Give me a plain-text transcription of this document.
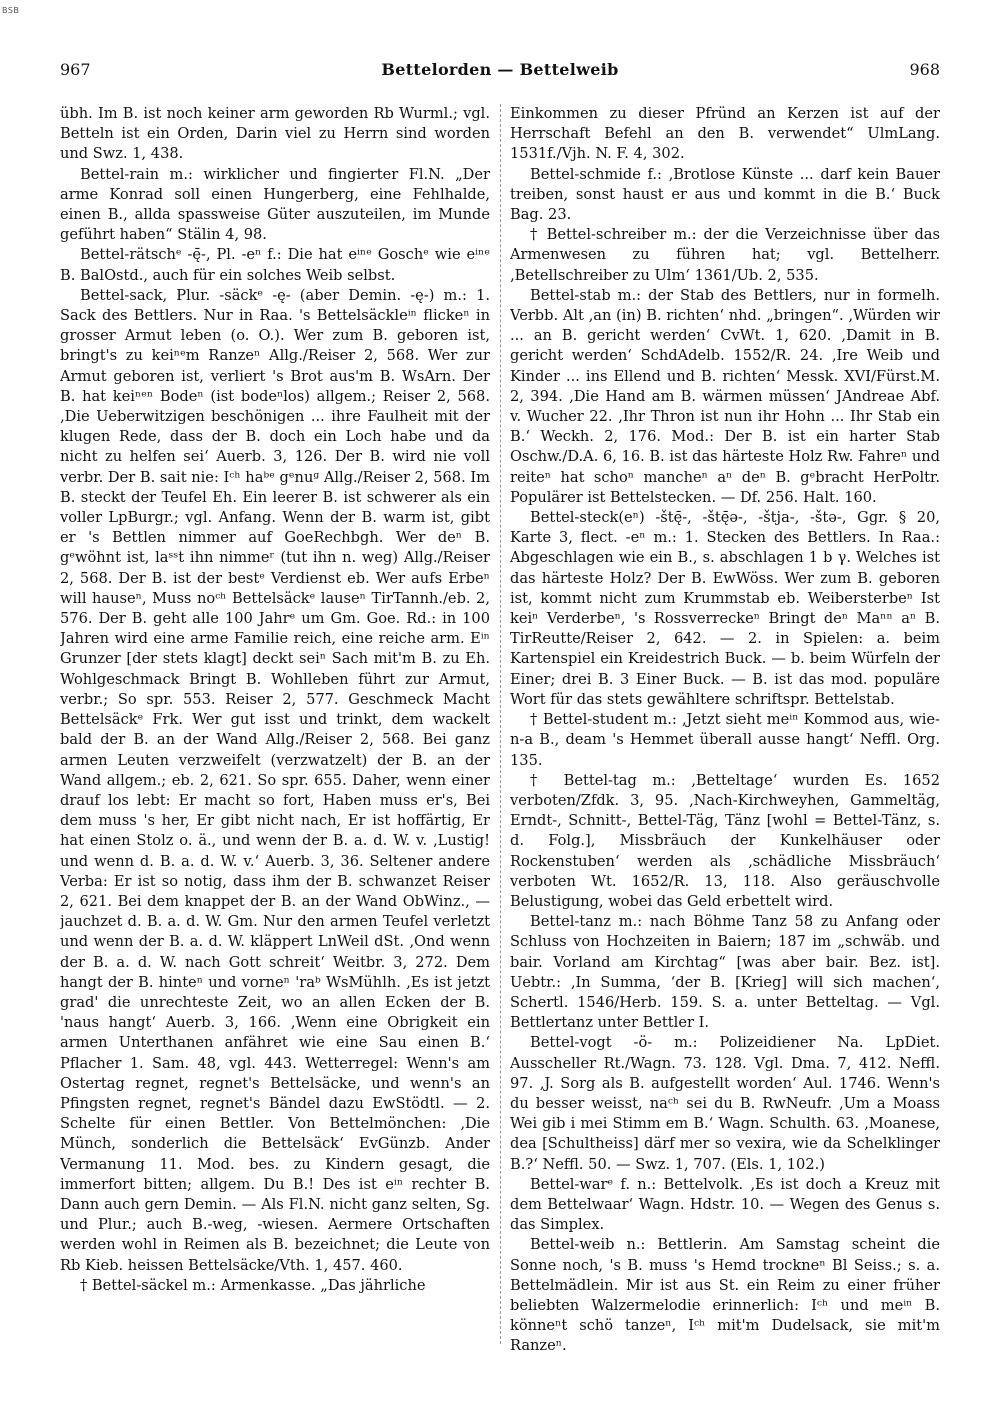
BSB
967	Bettelorden — Bettelweib	968

übh. Im B. ist noch keiner arm geworden Rb Wurml.; vgl. Betteln ist ein Orden, Darin viel zu Herrn sind worden und Swz. 1, 438.

Bettel-rain m.: wirklicher und fingierter Fl.N. „Der arme Konrad soll einen Hungerberg, eine Fehlhalde, einen B., allda spassweise Güter auszuteilen, im Munde geführt haben“ Stälin 4, 98.

Bettel-rätschᵉ -ę̄-, Pl. -eⁿ f.: Die hat eⁱⁿᵉ Goschᵉ wie eⁱⁿᵉ B. BalOstd., auch für ein solches Weib selbst.

Bettel-sack, Plur. -säckᵉ -ę- (aber Demin. -ę-) m.: 1. Sack des Bettlers. Nur in Raa. 's Bettelsäckleⁱⁿ flickeⁿ in grosser Armut leben (o. O.). Wer zum B. geboren ist, bringt's zu keiⁿᵉm Ranzeⁿ Allg./Reiser 2, 568. Wer zur Armut geboren ist, verliert 's Brot aus'm B. WsArn. Der B. hat keiⁿᵉⁿ Bodeⁿ (ist bodeⁿlos) allgem.; Reiser 2, 568. ‚Die Ueberwitzigen beschönigen ... ihre Faulheit mit der klugen Rede, dass der B. doch ein Loch habe und da nicht zu helfen sei‘ Auerb. 3, 126. Der B. wird nie voll verbr. Der B. sait nie: Iᶜʰ haᵇᵉ gᵉnuᵍ Allg./Reiser 2, 568. Im B. steckt der Teufel Eh. Ein leerer B. ist schwerer als ein voller LpBurgr.; vgl. Anfang. Wenn der B. warm ist, gibt er 's Bettlen nimmer auf GoeRechbgh. Wer deⁿ B. gᵉwöhnt ist, laˢˢt ihn nimmeʳ (tut ihn n. weg) Allg./Reiser 2, 568. Der B. ist der bestᵉ Verdienst eb. Wer aufs Erbeⁿ will hauseⁿ, Muss noᶜʰ Bettelsäckᵉ lauseⁿ TirTannh./eb. 2, 576. Der B. geht alle 100 Jahrᵉ um Gm. Goe. Rd.: in 100 Jahren wird eine arme Familie reich, eine reiche arm. Eⁱⁿ Grunzer [der stets klagt] deckt seiⁿ Sach mit'm B. zu Eh. Wohlgeschmack Bringt B. Wohlleben führt zur Armut, verbr.; So spr. 553. Reiser 2, 577. Geschmeck Macht Bettelsäckᵉ Frk. Wer gut isst und trinkt, dem wackelt bald der B. an der Wand Allg./Reiser 2, 568. Bei ganz armen Leuten verzweifelt (verzwatzelt) der B. an der Wand allgem.; eb. 2, 621. So spr. 655. Daher, wenn einer drauf los lebt: Er macht so fort, Haben muss er's, Bei dem muss 's her, Er gibt nicht nach, Er ist hoffärtig, Er hat einen Stolz o. ä., und wenn der B. a. d. W. v. ‚Lustig! und wenn d. B. a. d. W. v.‘ Auerb. 3, 36. Seltener andere Verba: Er ist so notig, dass ihm der B. schwanzet Reiser 2, 621. Bei dem knappet der B. an der Wand ObWinz., — jauchzet d. B. a. d. W. Gm. Nur den armen Teufel verletzt und wenn der B. a. d. W. kläppert LnWeil dSt. ‚Ond wenn der B. a. d. W. nach Gott schreit‘ Weitbr. 3, 272. Dem hangt der B. hinteⁿ und vorneⁿ 'raᵇ WsMühlh. ‚Es ist jetzt grad' die unrechteste Zeit, wo an allen Ecken der B. 'naus hangt‘ Auerb. 3, 166. ‚Wenn eine Obrigkeit ein armen Unterthanen anfähret wie eine Sau einen B.‘ Pflacher 1. Sam. 48, vgl. 443. Wetterregel: Wenn's am Ostertag regnet, regnet's Bettelsäcke, und wenn's an Pfingsten regnet, regnet's Bändel dazu EwStödtl. — 2. Schelte für einen Bettler. Von Bettelmönchen: ‚Die Münch, sonderlich die Bettelsäck‘ EvGünzb. Ander Vermanung 11. Mod. bes. zu Kindern gesagt, die immerfort bitten; allgem. Du B.! Des ist eⁱⁿ rechter B. Dann auch gern Demin. — Als Fl.N. nicht ganz selten, Sg. und Plur.; auch B.-weg, -wiesen. Aermere Ortschaften werden wohl in Reimen als B. bezeichnet; die Leute von Rb Kieb. heissen Bettelsäcke/Vth. 1, 457. 460.

† Bettel-säckel m.: Armenkasse. „Das jährliche

Einkommen zu dieser Pfründ an Kerzen ist auf der Herrschaft Befehl an den B. verwendet“ UlmLang. 1531f./Vjh. N. F. 4, 302.

Bettel-schmide f.: ‚Brotlose Künste ... darf kein Bauer treiben, sonst haust er aus und kommt in die B.‘ Buck Bag. 23.

† Bettel-schreiber m.: der die Verzeichnisse über das Armenwesen zu führen hat; vgl. Bettelherr. ‚Betellschreiber zu Ulm‘ 1361/Ub. 2, 535.

Bettel-stab m.: der Stab des Bettlers, nur in formelh. Verbb. Alt ‚an (in) B. richten‘ nhd. „bringen“. ‚Würden wir ... an B. gericht werden‘ CvWt. 1, 620. ‚Damit in B. gericht werden‘ SchdAdelb. 1552/R. 24. ‚Ire Weib und Kinder ... ins Ellend und B. richten‘ Messk. XVI/Fürst.M. 2, 394. ‚Die Hand am B. wärmen müssen‘ JAndreae Abf. v. Wucher 22. ‚Ihr Thron ist nun ihr Hohn ... Ihr Stab ein B.‘ Weckh. 2, 176. Mod.: Der B. ist ein harter Stab Oschw./D.A. 6, 16. B. ist das härteste Holz Rw. Fahreⁿ und reiteⁿ hat schoⁿ mancheⁿ aⁿ deⁿ B. gᵉbracht HerPoltr. Populärer ist Bettelstecken. — Df. 256. Halt. 160.

Bettel-steck(eⁿ) -štę̄-, -štę̄ə-, -štja-, -štə-, Ggr. § 20, Karte 3, flect. -eⁿ m.: 1. Stecken des Bettlers. In Raa.: Abgeschlagen wie ein B., s. abschlagen 1 b γ. Welches ist das härteste Holz? Der B. EwWöss. Wer zum B. geboren ist, kommt nicht zum Krummstab eb. Weibersterbeⁿ Ist keiⁿ Verderbeⁿ, 's Rossverreckeⁿ Bringt deⁿ Maⁿⁿ aⁿ B. TirReutte/Reiser 2, 642. — 2. in Spielen: a. beim Kartenspiel ein Kreidestrich Buck. — b. beim Würfeln der Einer; drei B. 3 Einer Buck. — B. ist das mod. populäre Wort für das stets gewähltere schriftspr. Bettelstab.

† Bettel-student m.: ‚Jetzt sieht meⁱⁿ Kommod aus, wie-n-a B., deam 's Hemmet überall ausse hangt‘ Neffl. Org. 135.

† Bettel-tag m.: ‚Betteltage‘ wurden Es. 1652 verboten/Zfdk. 3, 95. ‚Nach-Kirchweyhen, Gammeltäg, Erndt-, Schnitt-, Bettel-Täg, Tänz [wohl = Bettel-Tänz, s. d. Folg.], Missbräuch der Kunkelhäuser oder Rockenstuben‘ werden als ‚schädliche Missbräuch‘ verboten Wt. 1652/R. 13, 118. Also geräuschvolle Belustigung, wobei das Geld erbettelt wird.

Bettel-tanz m.: nach Böhme Tanz 58 zu Anfang oder Schluss von Hochzeiten in Baiern; 187 im „schwäb. und bair. Vorland am Kirchtag“ [was aber bair. Bez. ist]. Uebtr.: ‚In Summa, ‘der B. [Krieg] will sich machen‘, Schertl. 1546/Herb. 159. S. a. unter Betteltag. — Vgl. Bettlertanz unter Bettler I.

Bettel-vogt -ö- m.: Polizeidiener Na. LpDiet. Ausscheller Rt./Wagn. 73. 128. Vgl. Dma. 7, 412. Neffl. 97. ‚J. Sorg als B. aufgestellt worden‘ Aul. 1746. Wenn's du besser weisst, naᶜʰ sei du B. RwNeufr. ‚Um a Moass Wei gib i mei Stimm em B.‘ Wagn. Schulth. 63. ‚Moanese, dea [Schultheiss] därf mer so vexira, wie da Schelklinger B.?‘ Neffl. 50. — Swz. 1, 707. (Els. 1, 102.)

Bettel-warᵉ f. n.: Bettelvolk. ‚Es ist doch a Kreuz mit dem Bettelwaar‘ Wagn. Hdstr. 10. — Wegen des Genus s. das Simplex.

Bettel-weib n.: Bettlerin. Am Samstag scheint die Sonne noch, 's B. muss 's Hemd trockneⁿ Bl Seiss.; s. a. Bettelmädlein. Mir ist aus St. ein Reim zu einer früher beliebten Walzermelodie erinnerlich: Iᶜʰ und meⁱⁿ B. könneⁿt schö tanzeⁿ, Iᶜʰ mit'm Dudelsack, sie mit'm Ranzeⁿ.
